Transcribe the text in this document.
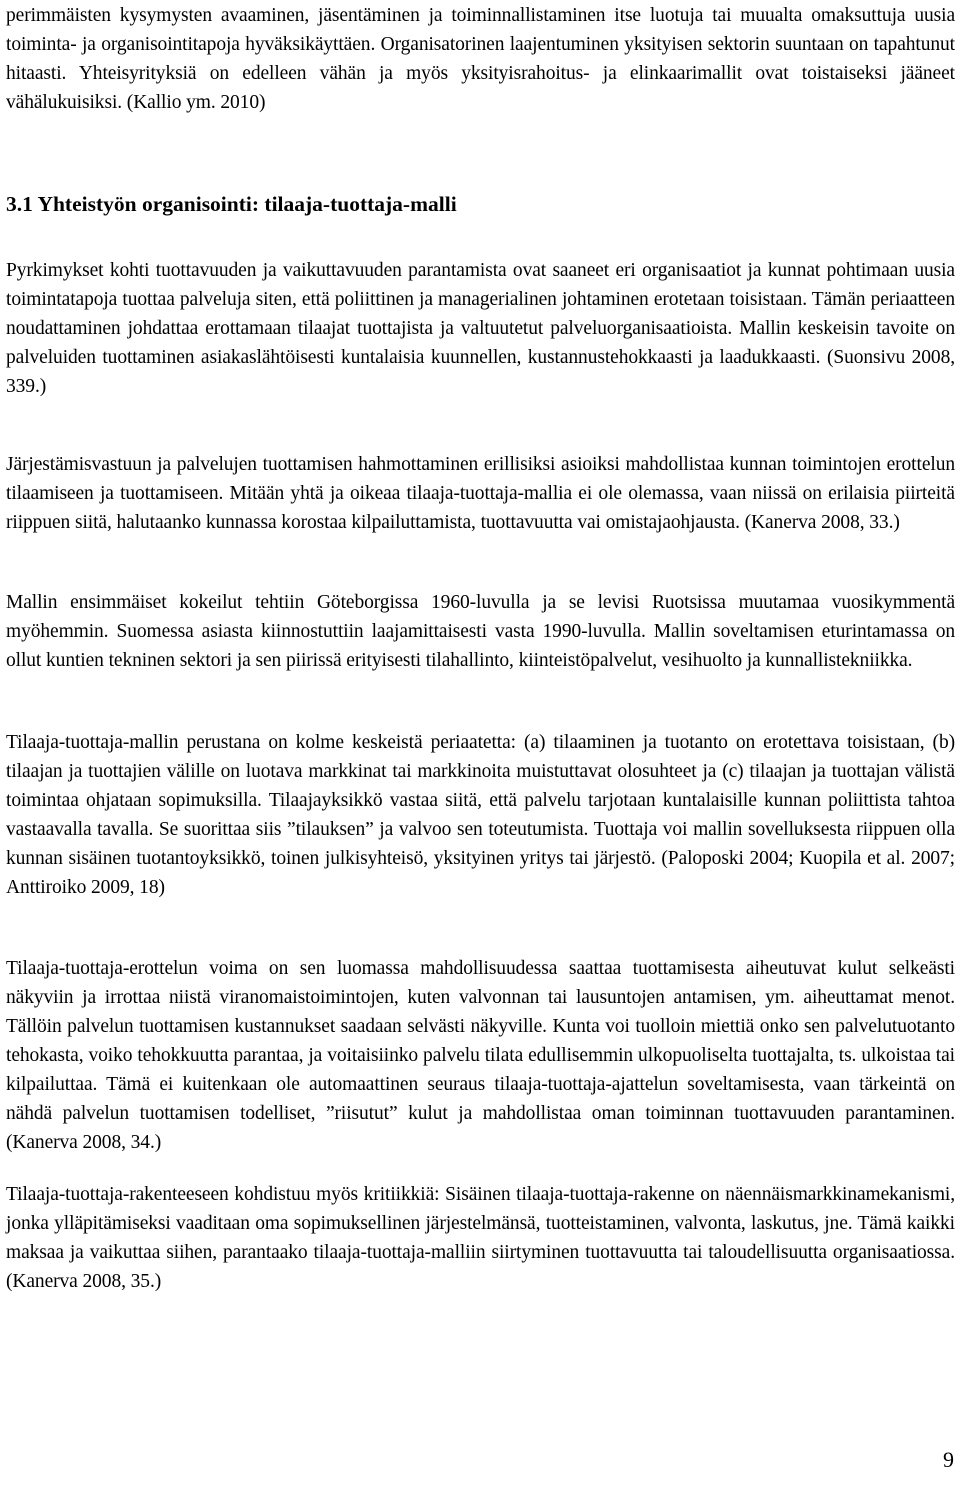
perimmäisten kysymysten avaaminen, jäsentäminen ja toiminnallistaminen itse luotuja tai muualta omaksuttuja uusia toiminta- ja organisointitapoja hyväksikäyttäen. Organisatorinen laajentuminen yksityisen sektorin suuntaan on tapahtunut hitaasti. Yhteisyrityksiä on edelleen vähän ja myös yksityisrahoitus- ja elinkaarimallit ovat toistaiseksi jääneet vähälukuisiksi. (Kallio ym. 2010)

3.1 Yhteistyön organisointi: tilaaja-tuottaja-malli

Pyrkimykset kohti tuottavuuden ja vaikuttavuuden parantamista ovat saaneet eri organisaatiot ja kunnat pohtimaan uusia toimintatapoja tuottaa palveluja siten, että poliittinen ja managerialinen johtaminen erotetaan toisistaan. Tämän periaatteen noudattaminen johdattaa erottamaan tilaajat tuottajista ja valtuutetut palveluorganisaatioista. Mallin keskeisin tavoite on palveluiden tuottaminen asiakaslähtöisesti kuntalaisia kuunnellen, kustannustehokkaasti ja laadukkaasti. (Suonsivu 2008, 339.)

Järjestämisvastuun ja palvelujen tuottamisen hahmottaminen erillisiksi asioiksi mahdollistaa kunnan toimintojen erottelun tilaamiseen ja tuottamiseen. Mitään yhtä ja oikeaa tilaaja-tuottaja-mallia ei ole olemassa, vaan niissä on erilaisia piirteitä riippuen siitä, halutaanko kunnassa korostaa kilpailuttamista, tuottavuutta vai omistajaohjausta. (Kanerva 2008, 33.)

Mallin ensimmäiset kokeilut tehtiin Göteborgissa 1960-luvulla ja se levisi Ruotsissa muutamaa vuosikymmentä myöhemmin. Suomessa asiasta kiinnostuttiin laajamittaisesti vasta 1990-luvulla. Mallin soveltamisen eturintamassa on ollut kuntien tekninen sektori ja sen piirissä erityisesti tilahallinto, kiinteistöpalvelut, vesihuolto ja kunnallistekniikka.

Tilaaja-tuottaja-mallin perustana on kolme keskeistä periaatetta: (a) tilaaminen ja tuotanto on erotettava toisistaan, (b) tilaajan ja tuottajien välille on luotava markkinat tai markkinoita muistuttavat olosuhteet ja (c) tilaajan ja tuottajan välistä toimintaa ohjataan sopimuksilla. Tilaajayksikkö vastaa siitä, että palvelu tarjotaan kuntalaisille kunnan poliittista tahtoa vastaavalla tavalla. Se suorittaa siis ”tilauksen” ja valvoo sen toteutumista. Tuottaja voi mallin sovelluksesta riippuen olla kunnan sisäinen tuotantoyksikkö, toinen julkisyhteisö, yksityinen yritys tai järjestö. (Paloposki 2004; Kuopila et al. 2007; Anttiroiko 2009, 18)

Tilaaja-tuottaja-erottelun voima on sen luomassa mahdollisuudessa saattaa tuottamisesta aiheutuvat kulut selkeästi näkyviin ja irrottaa niistä viranomaistoimintojen, kuten valvonnan tai lausuntojen antamisen, ym. aiheuttamat menot. Tällöin palvelun tuottamisen kustannukset saadaan selvästi näkyville. Kunta voi tuolloin miettiä onko sen palvelutuotanto tehokasta, voiko tehokkuutta parantaa, ja voitaisiinko palvelu tilata edullisemmin ulkopuoliselta tuottajalta, ts. ulkoistaa tai kilpailuttaa. Tämä ei kuitenkaan ole automaattinen seuraus tilaaja-tuottaja-ajattelun soveltamisesta, vaan tärkeintä on nähdä palvelun tuottamisen todelliset, ”riisutut” kulut ja mahdollistaa oman toiminnan tuottavuuden parantaminen. (Kanerva 2008, 34.)

Tilaaja-tuottaja-rakenteeseen kohdistuu myös kritiikkiä: Sisäinen tilaaja-tuottaja-rakenne on näennäismarkkinamekanismi, jonka ylläpitämiseksi vaaditaan oma sopimuksellinen järjestelmänsä, tuotteistaminen, valvonta, laskutus, jne. Tämä kaikki maksaa ja vaikuttaa siihen, parantaako tilaaja-tuottaja-malliin siirtyminen tuottavuutta tai taloudellisuutta organisaatiossa. (Kanerva 2008, 35.)

9
